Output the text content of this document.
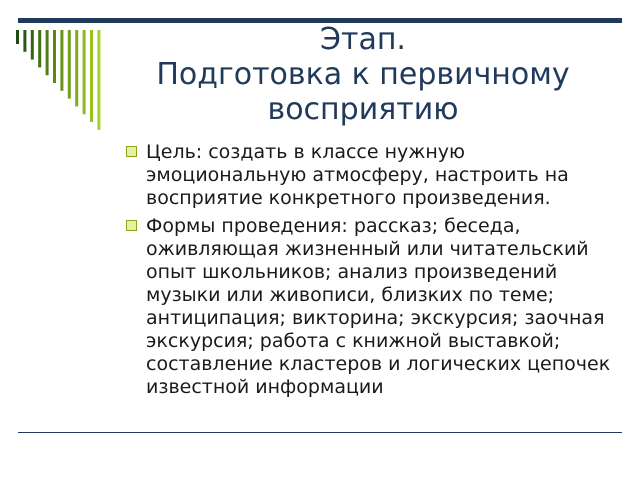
Этап.
Подготовка к первичному
восприятию
Цель: создать в классе нужную эмоциональную атмосферу, настроить на восприятие конкретного произведения.
Формы проведения: рассказ; беседа, оживляющая жизненный или читательский опыт школьников; анализ произведений музыки или живописи, близких по теме; антиципация; викторина; экскурсия; заочная экскурсия; работа с книжной выставкой; составление кластеров и логических цепочек известной информации
